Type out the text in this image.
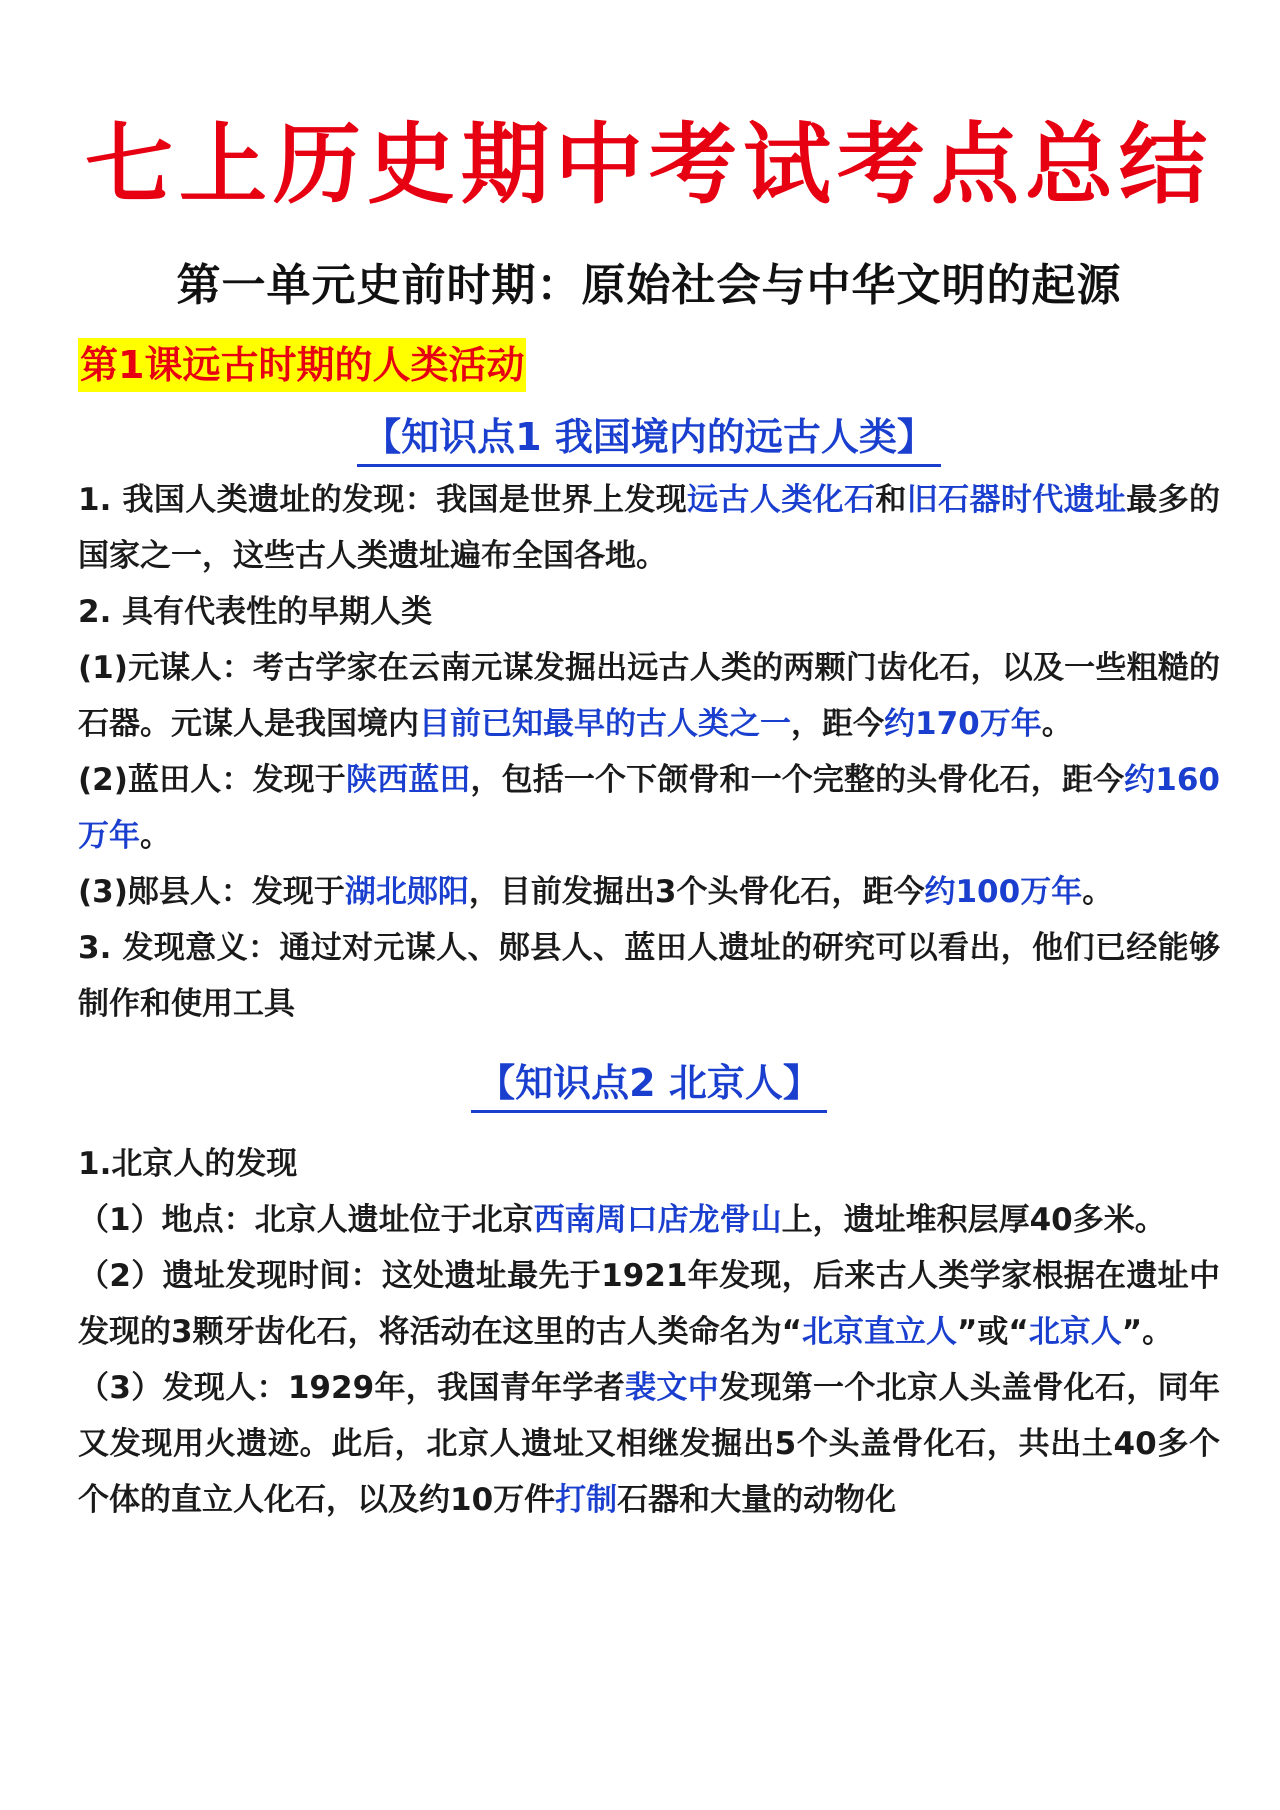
七上历史期中考试考点总结
第一单元史前时期：原始社会与中华文明的起源
第1课远古时期的人类活动
【知识点1 我国境内的远古人类】

1. 我国人类遗址的发现：我国是世界上发现远古人类化石和旧石器时代遗址最多的国家之一，这些古人类遗址遍布全国各地。

2. 具有代表性的早期人类

(1)元谋人：考古学家在云南元谋发掘出远古人类的两颗门齿化石，以及一些粗糙的石器。元谋人是我国境内目前已知最早的古人类之一，距今约170万年。

(2)蓝田人：发现于陕西蓝田，包括一个下颌骨和一个完整的头骨化石，距今约160万年。

(3)郧县人：发现于湖北郧阳，目前发掘出3个头骨化石，距今约100万年。

3. 发现意义：通过对元谋人、郧县人、蓝田人遗址的研究可以看出，他们已经能够制作和使用工具

【知识点2 北京人】

1.北京人的发现

（1）地点：北京人遗址位于北京西南周口店龙骨山上，遗址堆积层厚40多米。

（2）遗址发现时间：这处遗址最先于1921年发现，后来古人类学家根据在遗址中发现的3颗牙齿化石，将活动在这里的古人类命名为“北京直立人”或“北京人”。

（3）发现人：1929年，我国青年学者裴文中发现第一个北京人头盖骨化石，同年又发现用火遗迹。此后，北京人遗址又相继发掘出5个头盖骨化石，共出土40多个个体的直立人化石，以及约10万件打制石器和大量的动物化
